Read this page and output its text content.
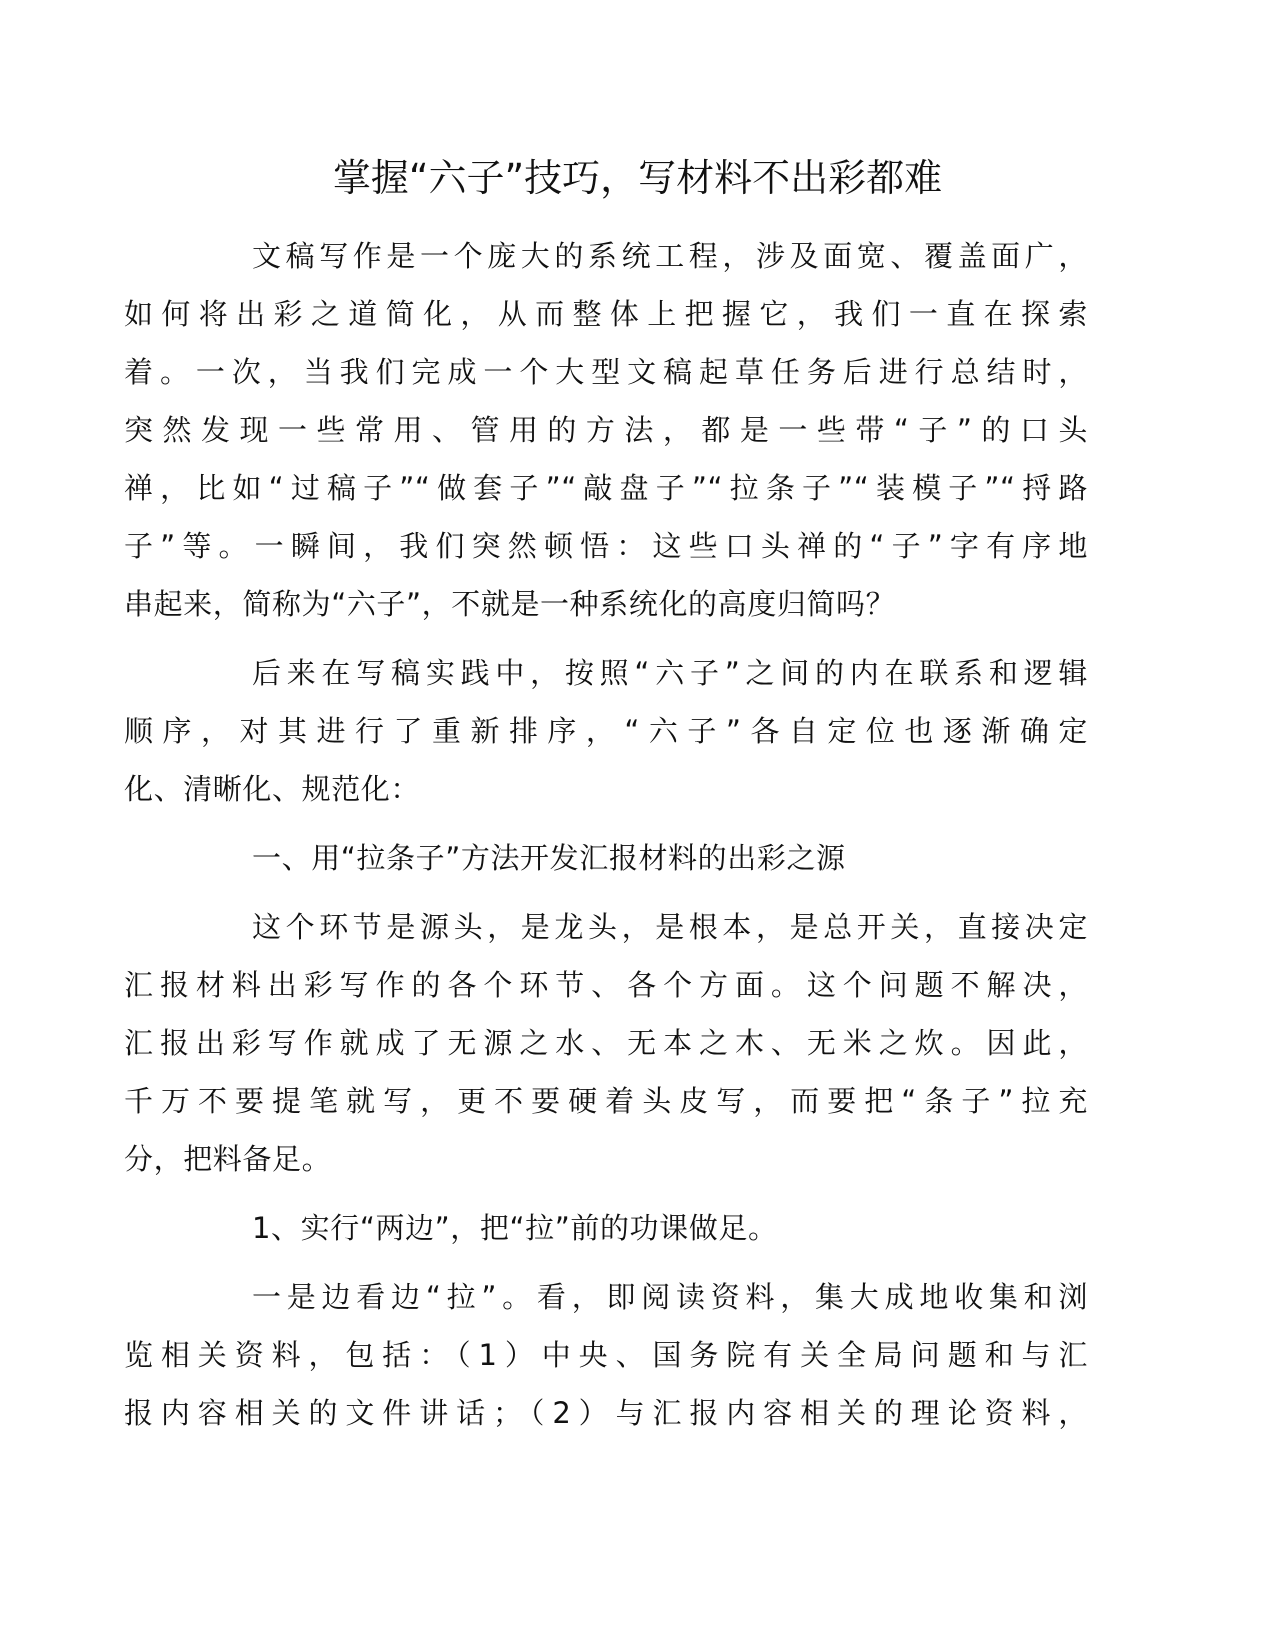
掌握“六子”技巧，写材料不出彩都难

文稿写作是一个庞大的系统工程，涉及面宽、覆盖面广，
如何将出彩之道简化，从而整体上把握它，我们一直在探索
着。一次，当我们完成一个大型文稿起草任务后进行总结时，
突然发现一些常用、管用的方法，都是一些带“子”的口头
禅，比如“过稿子”“做套子”“敲盘子”“拉条子”“装模子”“捋路
子”等。一瞬间，我们突然顿悟：这些口头禅的“子”字有序地
串起来，简称为“六子”，不就是一种系统化的高度归简吗？

后来在写稿实践中，按照“六子”之间的内在联系和逻辑
顺序，对其进行了重新排序，“六子”各自定位也逐渐确定
化、清晰化、规范化：

一、用“拉条子”方法开发汇报材料的出彩之源

这个环节是源头，是龙头，是根本，是总开关，直接决定
汇报材料出彩写作的各个环节、各个方面。这个问题不解决，
汇报出彩写作就成了无源之水、无本之木、无米之炊。因此，
千万不要提笔就写，更不要硬着头皮写，而要把“条子”拉充
分，把料备足。

1、实行“两边”，把“拉”前的功课做足。

一是边看边“拉”。看，即阅读资料，集大成地收集和浏
览相关资料，包括：（1）中央、国务院有关全局问题和与汇
报内容相关的文件讲话；（2）与汇报内容相关的理论资料，
